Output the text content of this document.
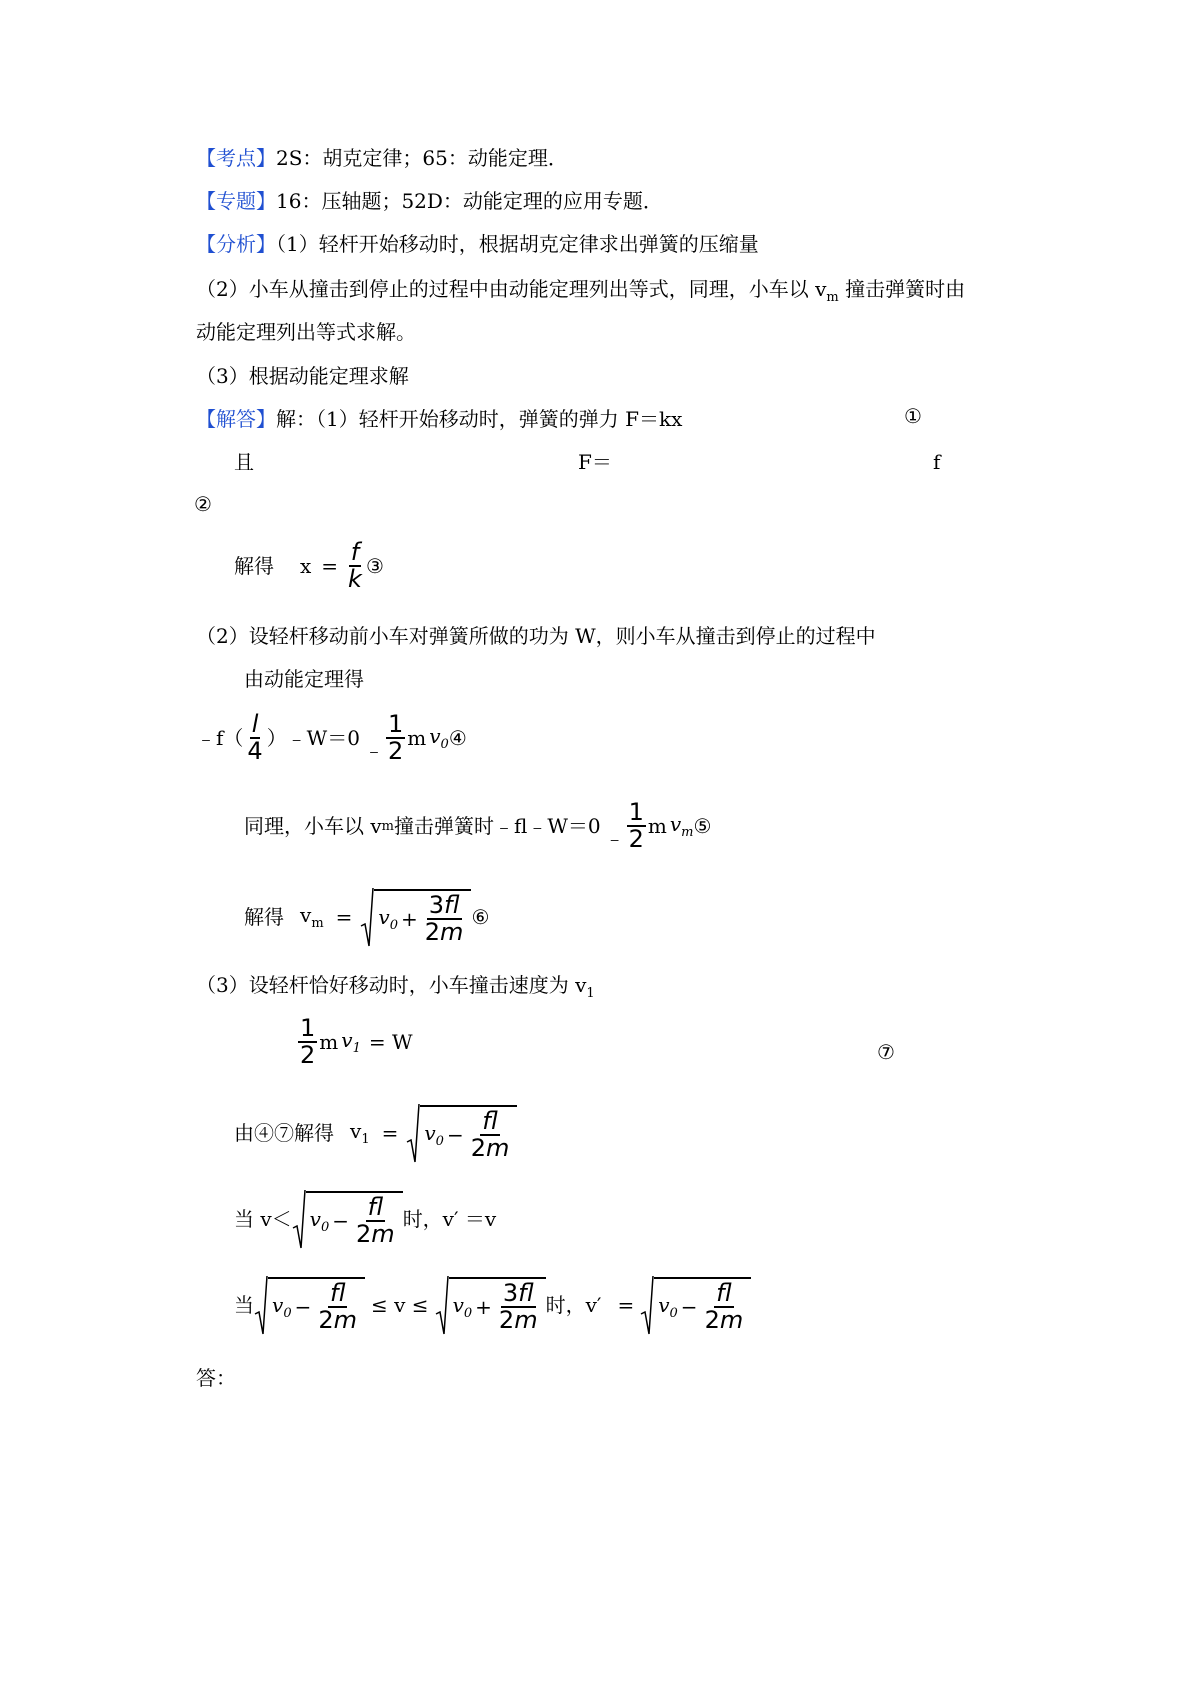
【考点】2S：胡克定律；65：动能定理．
【专题】16：压轴题；52D：动能定理的应用专题．
【分析】（1）轻杆开始移动时，根据胡克定律求出弹簧的压缩量
（2）小车从撞击到停止的过程中由动能定理列出等式，同理，小车以 $v_m$ 撞击弹簧时由
动能定理列出等式求解。
（3）根据动能定理求解
【解答】解：（1）轻杆开始移动时，弹簧的弹力 F＝kx	①
且	F＝	f
②
解得 $x = \frac{f}{k}$ ③
（2）设轻杆移动前小车对弹簧所做的功为 W，则小车从撞击到停止的过程中
由动能定理得
﹣f（ $\frac{l}{4}$ ）﹣W＝0 ﹣ $\frac{1}{2}$ m $v_0$ ④
同理，小车以 v m 撞击弹簧时﹣fl﹣W＝0 ﹣ $\frac{1}{2}$ m $v_m$ ⑤
解得 $v_m = v_0 + \frac{3fl}{2m}$ ⑥
（3）设轻杆恰好移动时，小车撞击速度为 $v_1$
$\frac{1}{2}$ m $v_1 = W$	⑦
由④⑦解得 $v_1 = v_0 - \frac{fl}{2m}$
当 $v< v_0 - \frac{fl}{2m}$ 时，v′ ＝v
当 $v_0 - \frac{fl}{2m} \le v \le v_0 + \frac{3fl}{2m}$ 时，$v' = v_0 - \frac{fl}{2m}$
答：
